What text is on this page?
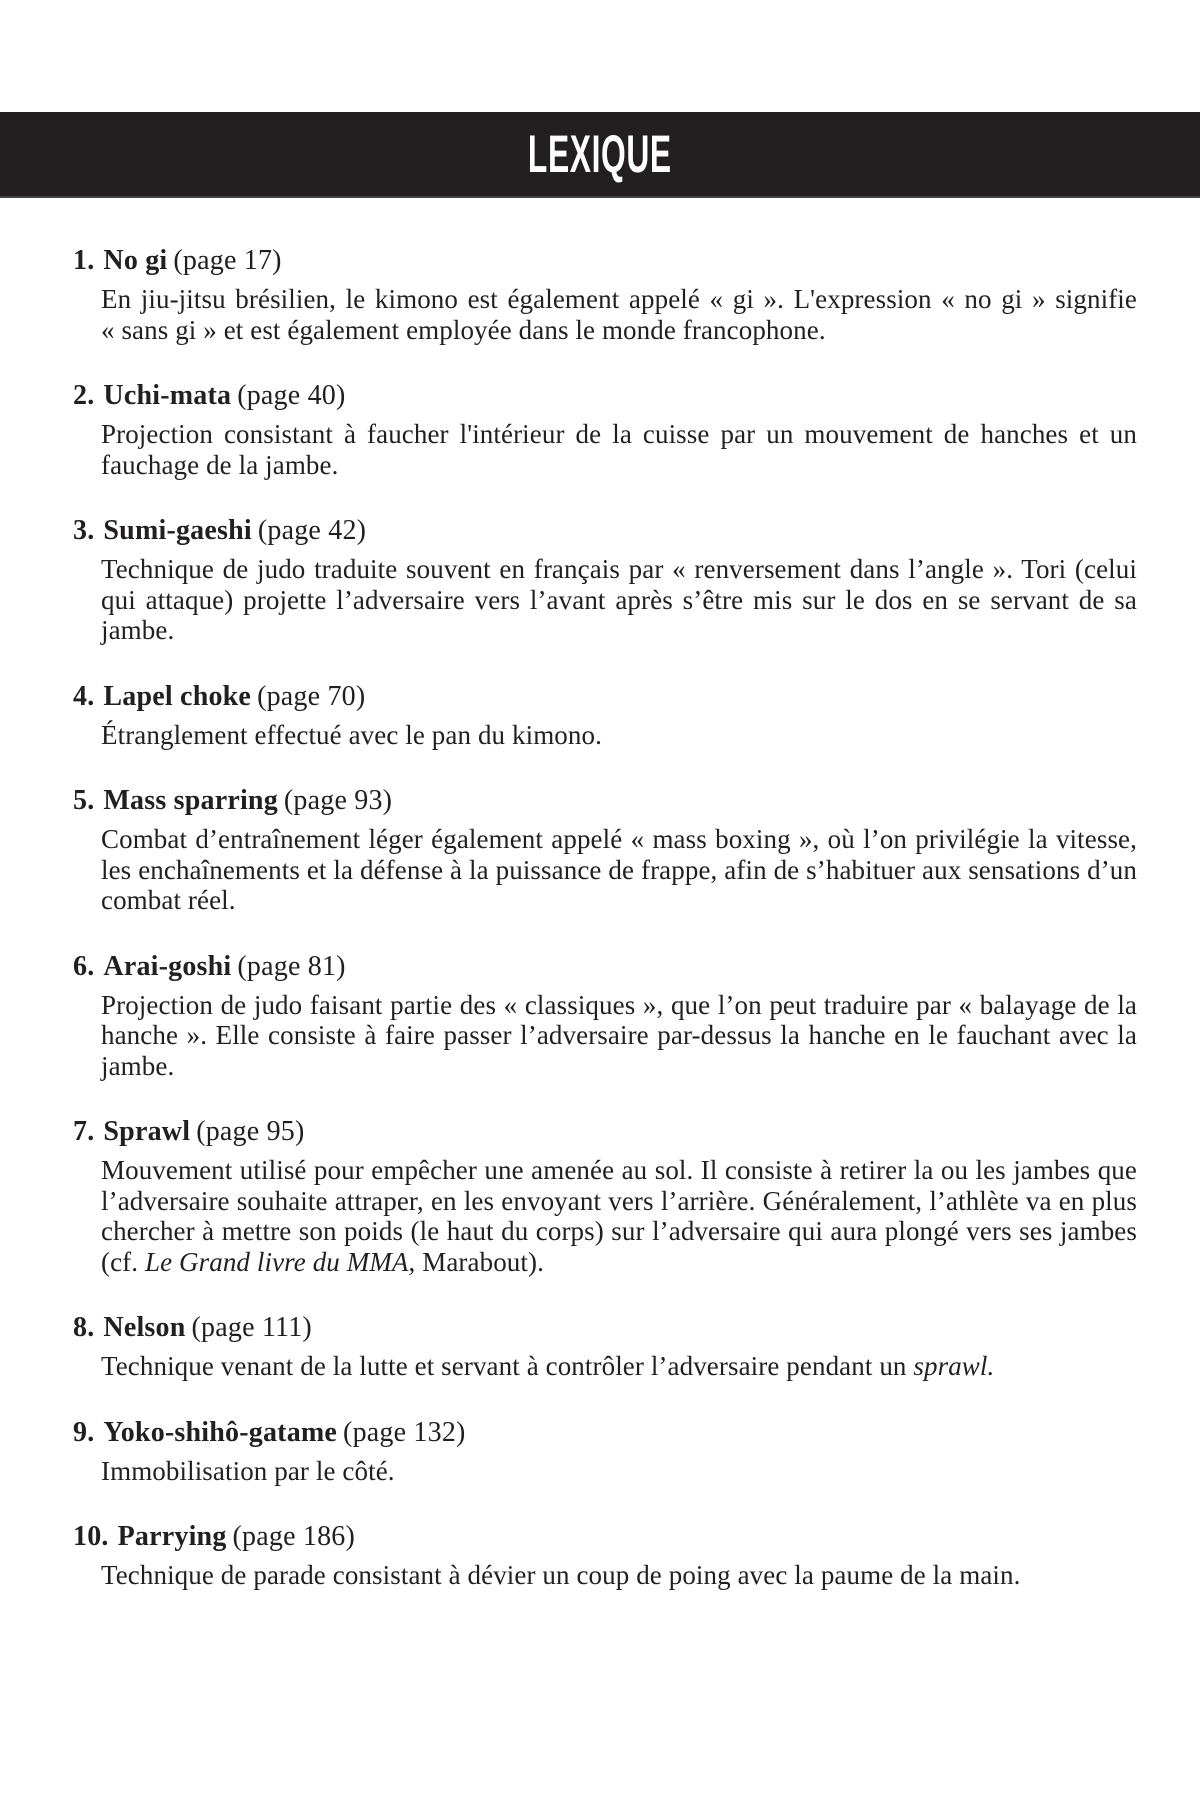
LEXIQUE
1. No gi (page 17)

En jiu-jitsu brésilien, le kimono est également appelé « gi ». L'expression « no gi » signifie « sans gi » et est également employée dans le monde francophone.

2. Uchi-mata (page 40)

Projection consistant à faucher l'intérieur de la cuisse par un mouvement de hanches et un fauchage de la jambe.

3. Sumi-gaeshi (page 42)

Technique de judo traduite souvent en français par « renversement dans l’angle ». Tori (celui qui attaque) projette l’adversaire vers l’avant après s’être mis sur le dos en se servant de sa jambe.

4. Lapel choke (page 70)

Étranglement effectué avec le pan du kimono.

5. Mass sparring (page 93)

Combat d’entraînement léger également appelé « mass boxing », où l’on privilégie la vitesse, les enchaînements et la défense à la puissance de frappe, afin de s’habituer aux sensations d’un combat réel.

6. Arai-goshi (page 81)

Projection de judo faisant partie des « classiques », que l’on peut traduire par « balayage de la hanche ». Elle consiste à faire passer l’adversaire par-dessus la hanche en le fauchant avec la jambe.

7. Sprawl (page 95)

Mouvement utilisé pour empêcher une amenée au sol. Il consiste à retirer la ou les jambes que l’adversaire souhaite attraper, en les envoyant vers l’arrière. Généralement, l’athlète va en plus chercher à mettre son poids (le haut du corps) sur l’adversaire qui aura plongé vers ses jambes (cf. Le Grand livre du MMA, Marabout).

8. Nelson (page 111)

Technique venant de la lutte et servant à contrôler l’adversaire pendant un sprawl.

9. Yoko-shihô-gatame (page 132)

Immobilisation par le côté.

10. Parrying (page 186)

Technique de parade consistant à dévier un coup de poing avec la paume de la main.
